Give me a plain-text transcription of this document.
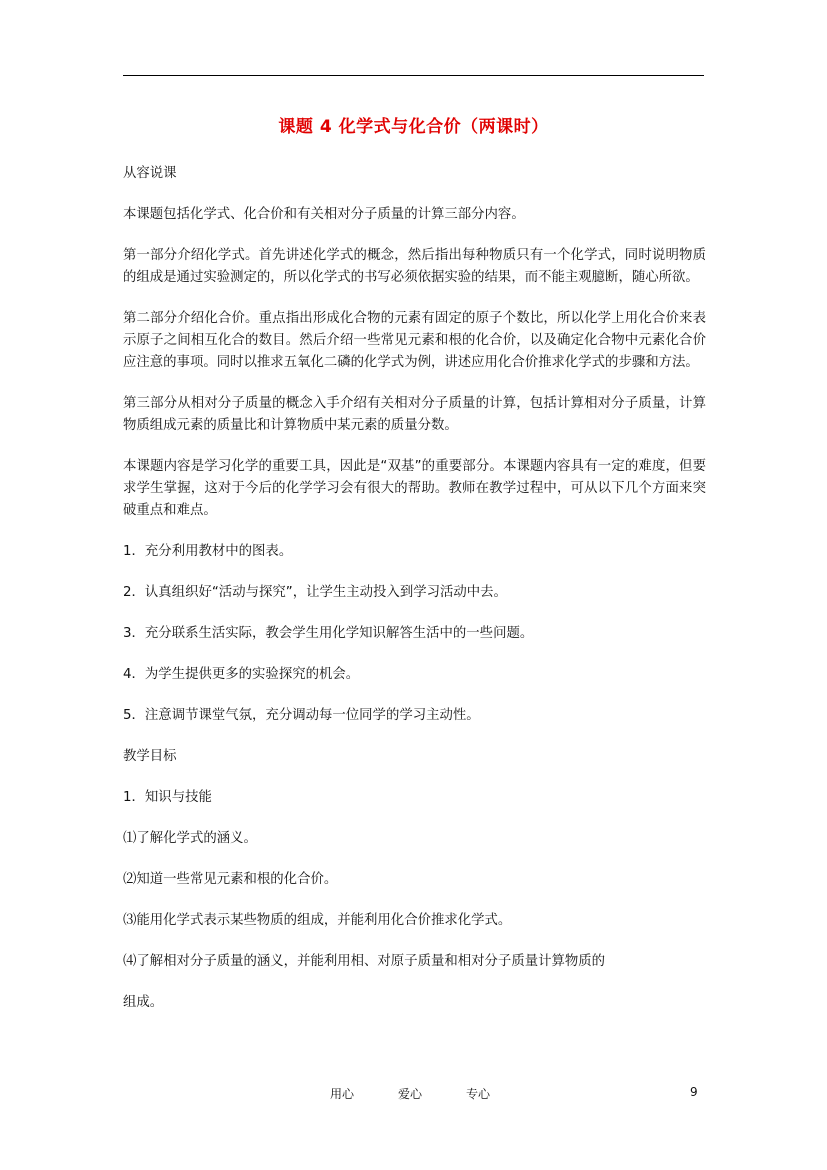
课题 4 化学式与化合价（两课时）

从容说课

本课题包括化学式、化合价和有关相对分子质量的计算三部分内容。

第一部分介绍化学式。首先讲述化学式的概念，然后指出每种物质只有一个化学式，同时说明物质的组成是通过实验测定的，所以化学式的书写必须依据实验的结果，而不能主观臆断，随心所欲。

第二部分介绍化合价。重点指出形成化合物的元素有固定的原子个数比，所以化学上用化合价来表示原子之间相互化合的数目。然后介绍一些常见元素和根的化合价，以及确定化合物中元素化合价应注意的事项。同时以推求五氧化二磷的化学式为例，讲述应用化合价推求化学式的步骤和方法。

第三部分从相对分子质量的概念入手介绍有关相对分子质量的计算，包括计算相对分子质量，计算物质组成元素的质量比和计算物质中某元素的质量分数。

本课题内容是学习化学的重要工具，因此是“双基”的重要部分。本课题内容具有一定的难度，但要求学生掌握，这对于今后的化学学习会有很大的帮助。教师在教学过程中，可从以下几个方面来突破重点和难点。

1．充分利用教材中的图表。

2．认真组织好“活动与探究”，让学生主动投入到学习活动中去。

3．充分联系生活实际，教会学生用化学知识解答生活中的一些问题。

4．为学生提供更多的实验探究的机会。

5．注意调节课堂气氛，充分调动每一位同学的学习主动性。

教学目标

1．知识与技能

⑴了解化学式的涵义。

⑵知道一些常见元素和根的化合价。

⑶能用化学式表示某些物质的组成，并能利用化合价推求化学式。

⑷了解相对分子质量的涵义，并能利用相、对原子质量和相对分子质量计算物质的

组成。

用心	爱心	专心	9
